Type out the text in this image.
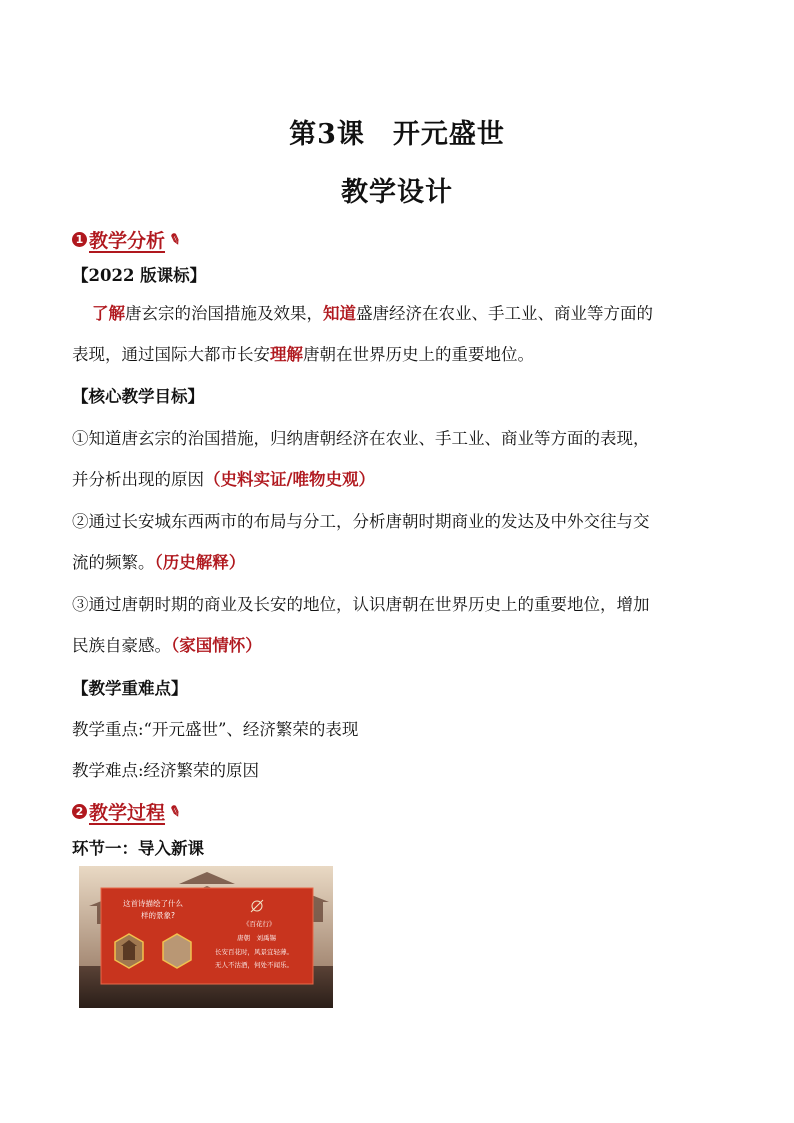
第3课　开元盛世
教学设计
1 教学分析 ✎
【2022 版课标】
了解唐玄宗的治国措施及效果，知道盛唐经济在农业、手工业、商业等方面的
表现，通过国际大都市长安理解唐朝在世界历史上的重要地位。
【核心教学目标】
①知道唐玄宗的治国措施，归纳唐朝经济在农业、手工业、商业等方面的表现，
并分析出现的原因（史料实证/唯物史观）
②通过长安城东西两市的布局与分工，分析唐朝时期商业的发达及中外交往与交
流的频繁。（历史解释）
③通过唐朝时期的商业及长安的地位，认识唐朝在世界历史上的重要地位，增加
民族自豪感。（家国情怀）
【教学重难点】
教学重点:“开元盛世”、经济繁荣的表现
教学难点:经济繁荣的原因
2 教学过程 ✎
环节一：导入新课
这首诗描绘了什么
样的景象?
《百花行》
唐朝　刘禹锡
长安百花时，风景宜轻薄。
无人不沽酒，何处不闻乐。
